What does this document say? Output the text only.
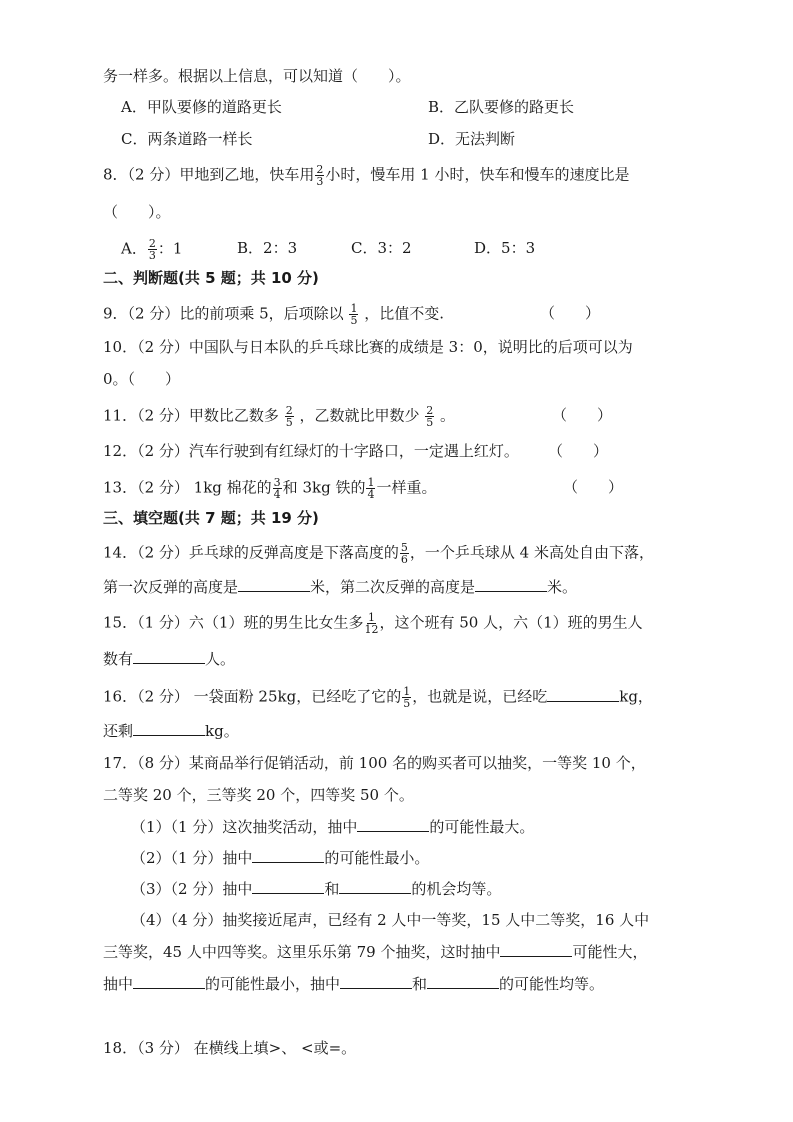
务一样多。根据以上信息，可以知道（　　）。
A．甲队要修的道路更长	B．乙队要修的路更长
C．两条道路一样长	D．无法判断
8．（2 分）甲地到乙地，快车用 $\frac{2}{3}$ 小时，慢车用 1 小时，快车和慢车的速度比是
（　　）。
A． $\frac{2}{3}$ ：1	B．2：3	C．3：2	D．5：3
二、判断题(共 5 题；共 10 分)
9．（2 分）比的前项乘 5，后项除以 $\frac{1}{5}$ ，比值不变.	（　　）
10．（2 分）中国队与日本队的乒乓球比赛的成绩是 3：0，说明比的后项可以为
0。（　　）
11．（2 分）甲数比乙数多 $\frac{2}{5}$ ，乙数就比甲数少 $\frac{2}{5}$ 。	（　　）
12．（2 分）汽车行驶到有红绿灯的十字路口，一定遇上红灯。 （　　）
13．（2 分） 1kg 棉花的 $\frac{3}{4}$ 和 3kg 铁的 $\frac{1}{4}$ 一样重。	（　　）
三、填空题(共 7 题；共 19 分)
14．（2 分）乒乓球的反弹高度是下落高度的 $\frac{5}{6}$ ，一个乒乓球从 4 米高处自由下落，
第一次反弹的高度是	米，第二次反弹的高度是	米。
15．（1 分）六（1）班的男生比女生多 $\frac{1}{12}$ ，这个班有 50 人，六（1）班的男生人
数有	人。
16．（2 分） 一袋面粉 25kg，已经吃了它的 $\frac{1}{5}$ ，也就是说，已经吃	kg，
还剩	kg。
17．（8 分）某商品举行促销活动，前 100 名的购买者可以抽奖，一等奖 10 个，
二等奖 20 个，三等奖 20 个，四等奖 50 个。
（1）（1 分）这次抽奖活动，抽中	的可能性最大。
（2）（1 分）抽中	的可能性最小。
（3）（2 分）抽中	和	的机会均等。
（4）（4 分）抽奖接近尾声，已经有 2 人中一等奖，15 人中二等奖，16 人中
三等奖，45 人中四等奖。这里乐乐第 79 个抽奖，这时抽中	可能性大，
抽中	的可能性最小，抽中	和	的可能性均等。
18．（3 分） 在横线上填>、 <或=。
